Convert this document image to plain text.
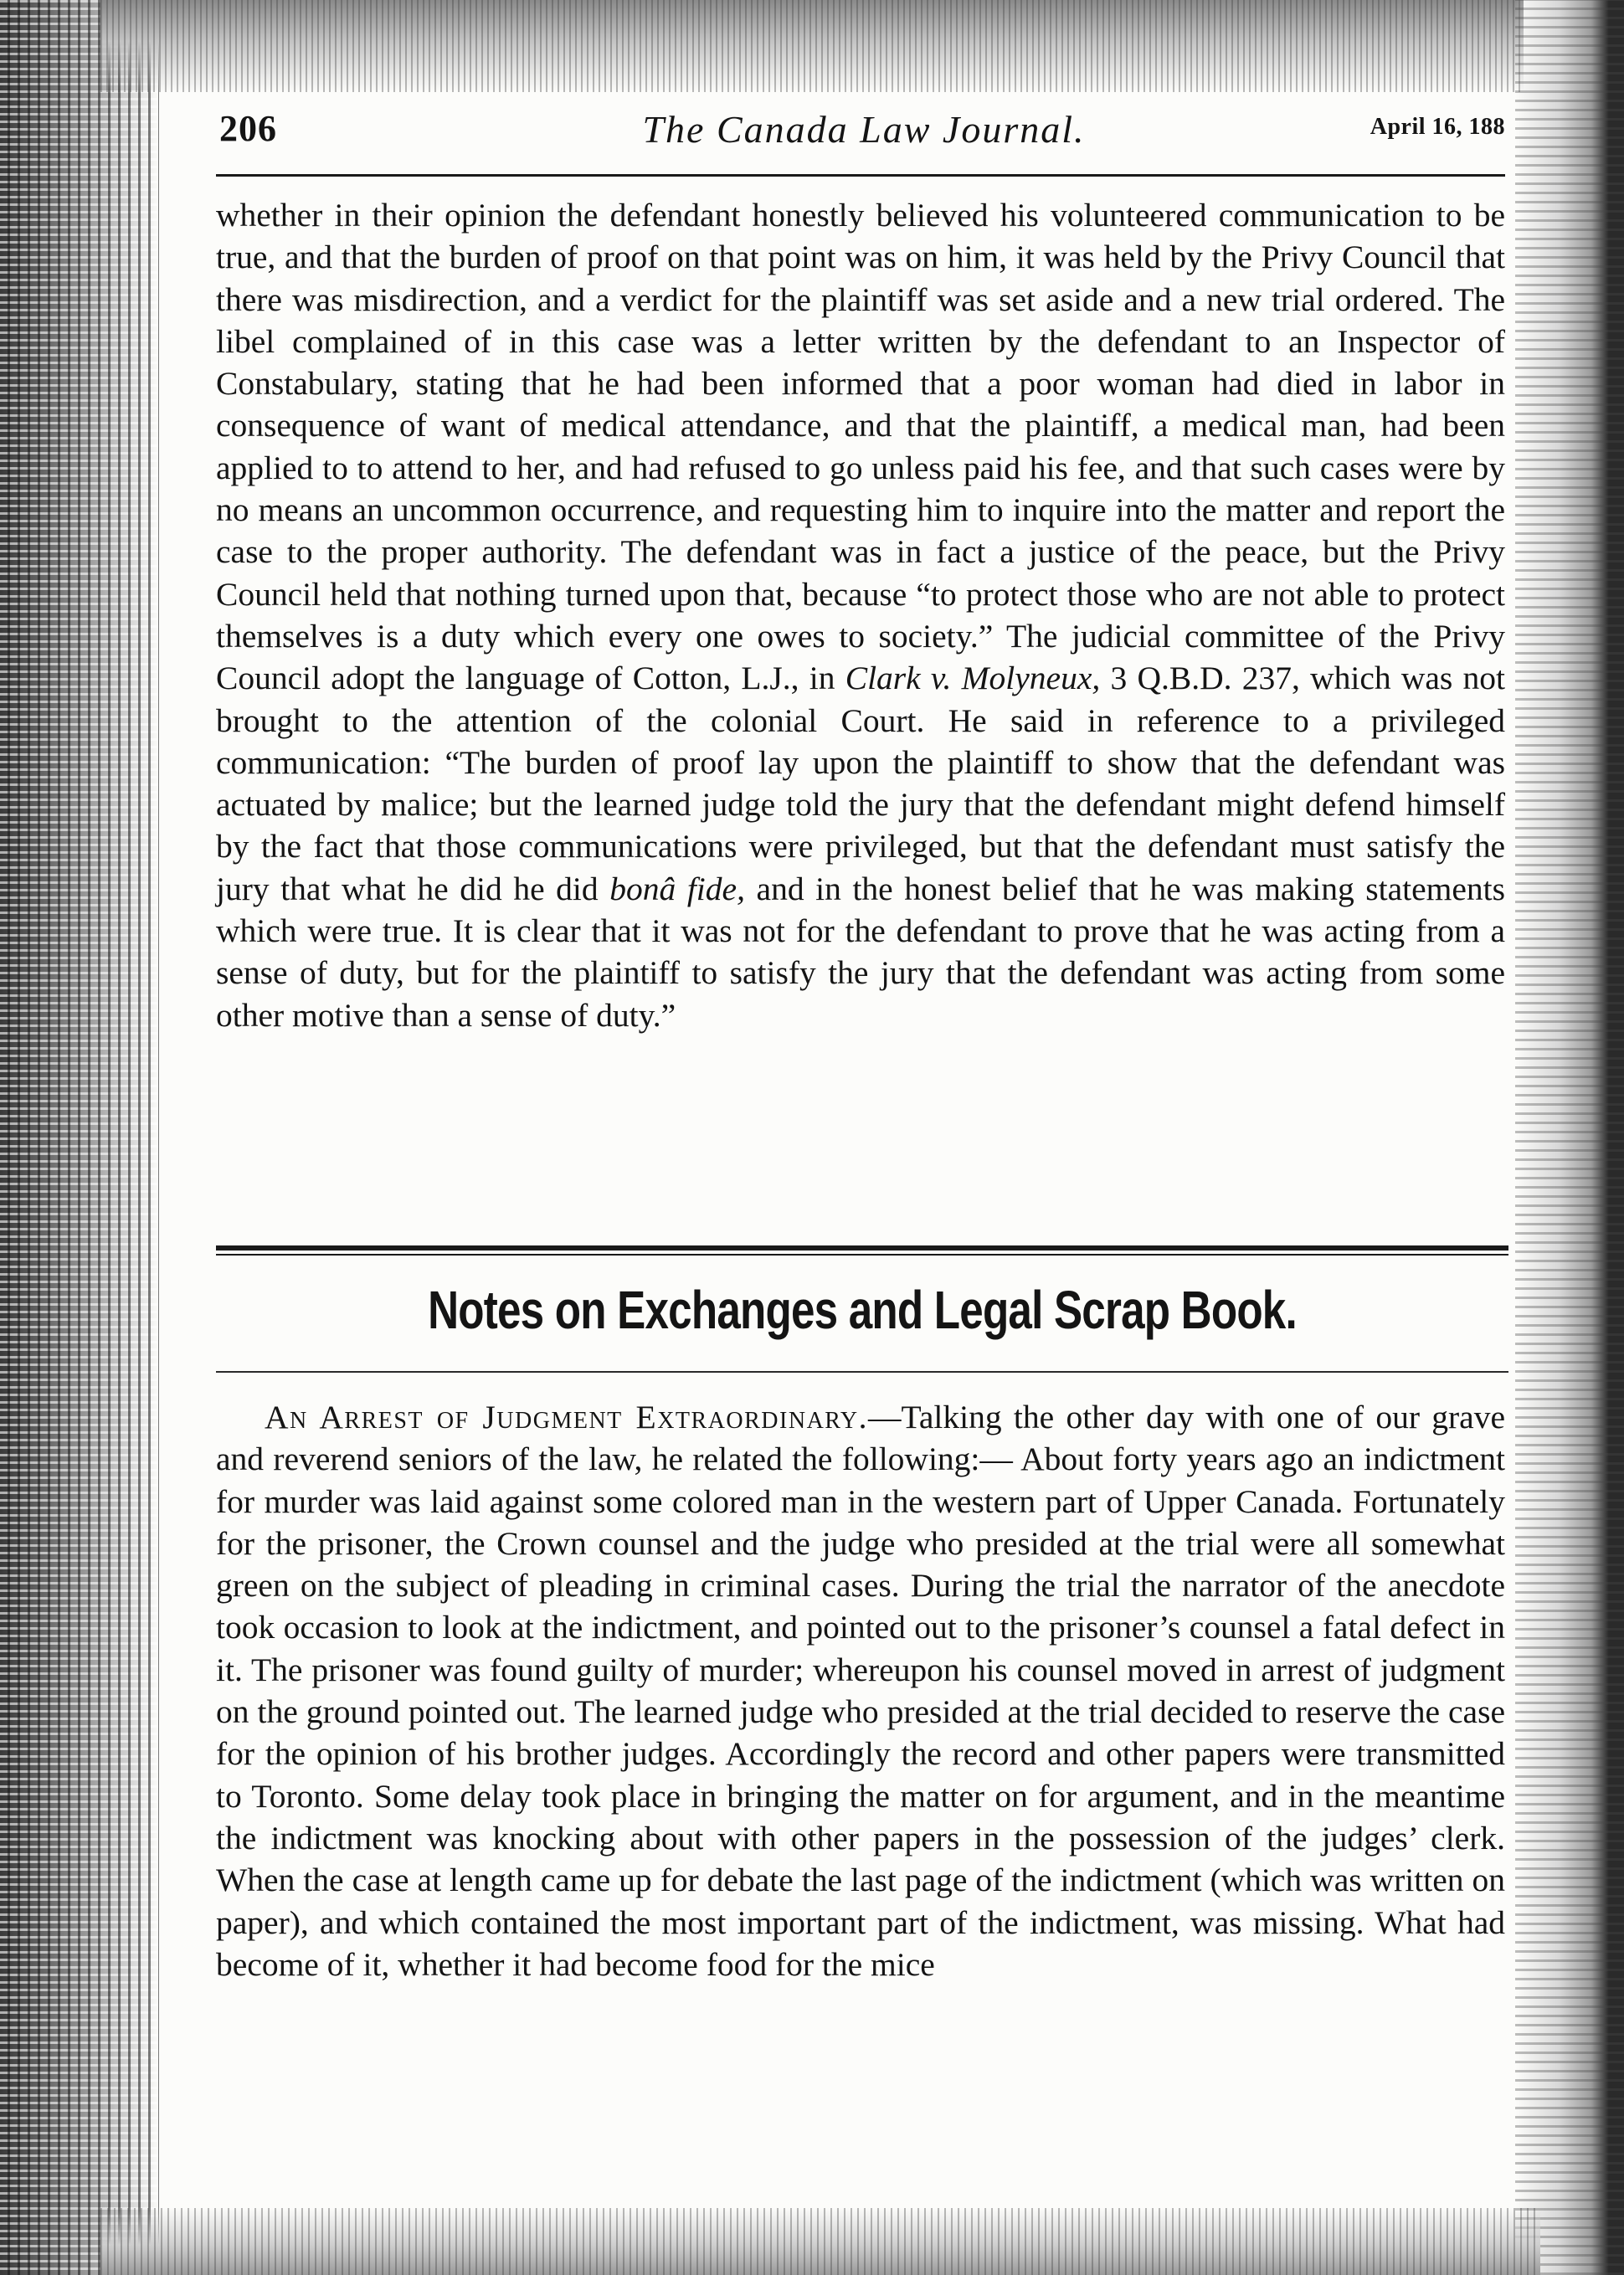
206	The Canada Law Journal.	April 16, 188

whether in their opinion the defendant honestly believed his volunteered communication to be true, and that the burden of proof on that point was on him, it was held by the Privy Council that there was misdirection, and a verdict for the plaintiff was set aside and a new trial ordered. The libel complained of in this case was a letter written by the defendant to an Inspector of Constabulary, stating that he had been informed that a poor woman had died in labor in consequence of want of medical attendance, and that the plaintiff, a medical man, had been applied to to attend to her, and had refused to go unless paid his fee, and that such cases were by no means an uncommon occurrence, and requesting him to inquire into the matter and report the case to the proper authority. The defendant was in fact a justice of the peace, but the Privy Council held that nothing turned upon that, because “to protect those who are not able to protect themselves is a duty which every one owes to society.” The judicial committee of the Privy Council adopt the language of Cotton, L.J., in Clark v. Molyneux, 3 Q.B.D. 237, which was not brought to the attention of the colonial Court. He said in reference to a privileged communication: “The burden of proof lay upon the plaintiff to show that the defendant was actuated by malice; but the learned judge told the jury that the defendant might defend himself by the fact that those communications were privileged, but that the defendant must satisfy the jury that what he did he did bonâ fide, and in the honest belief that he was making statements which were true. It is clear that it was not for the defendant to prove that he was acting from a sense of duty, but for the plaintiff to satisfy the jury that the defendant was acting from some other motive than a sense of duty.”

Notes on Exchanges and Legal Scrap Book.

An Arrest of Judgment Extraordinary.—Talking the other day with one of our grave and reverend seniors of the law, he related the following:— About forty years ago an indictment for murder was laid against some colored man in the western part of Upper Canada. Fortunately for the prisoner, the Crown counsel and the judge who presided at the trial were all somewhat green on the subject of pleading in criminal cases. During the trial the narrator of the anecdote took occasion to look at the indictment, and pointed out to the prisoner’s counsel a fatal defect in it. The prisoner was found guilty of murder; whereupon his counsel moved in arrest of judgment on the ground pointed out. The learned judge who presided at the trial decided to reserve the case for the opinion of his brother judges. Accordingly the record and other papers were transmitted to Toronto. Some delay took place in bringing the matter on for argument, and in the meantime the indictment was knocking about with other papers in the possession of the judges’ clerk. When the case at length came up for debate the last page of the indictment (which was written on paper), and which contained the most important part of the indictment, was missing. What had become of it, whether it had become food for the mice
